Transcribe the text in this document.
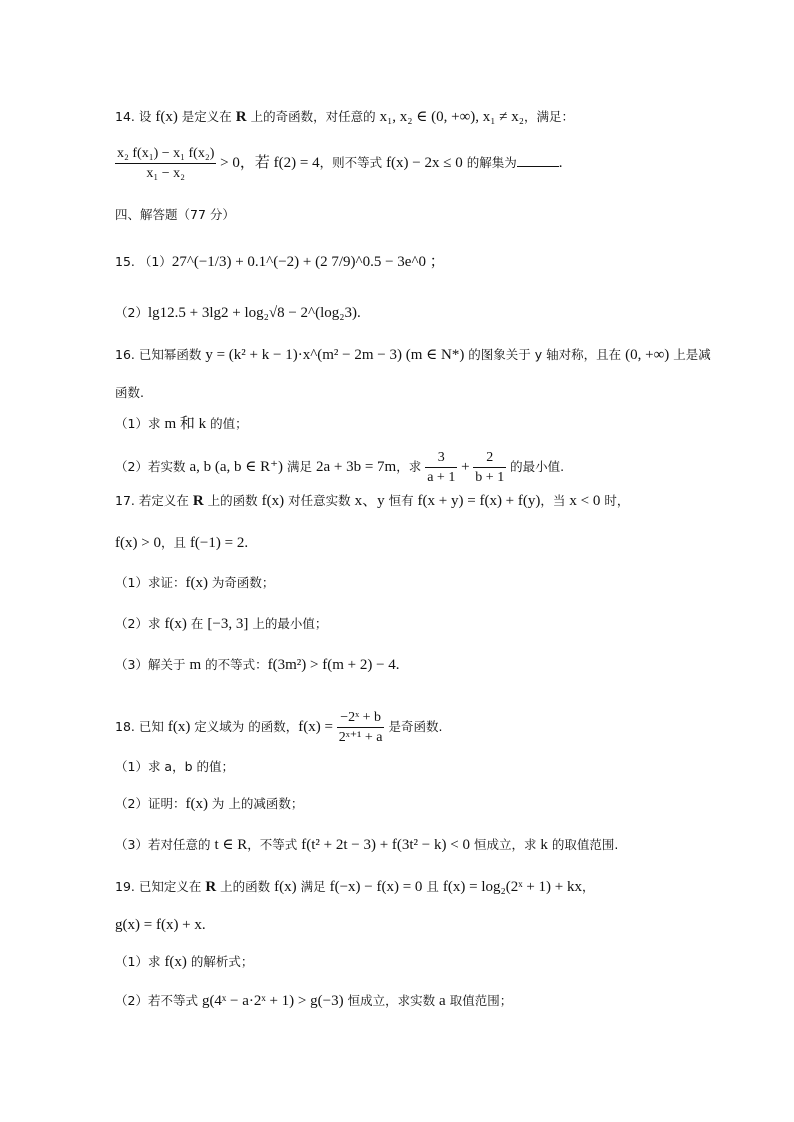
14. 设 f(x) 是定义在 R 上的奇函数，对任意的 x₁, x₂ ∈ (0, +∞), x₁ ≠ x₂，满足：
$\frac{\text{x₂ f(x₁) − x₁ f(x₂)}}{\text{x₁ − x₂}} > 0$，若 f(2) = 4，则不等式 f(x) − 2x ≤ 0 的解集为	.
四、解答题（77 分）
15. （1）27^(−1/3) + 0.1^(−2) + (2 7/9)^0.5 − 3e^0 ；
（2）lg12.5 + 3lg2 + log₂√8 − 2^(log₂3).
16. 已知幂函数 y = (k² + k − 1)·x^(m² − 2m − 3) (m ∈ N*) 的图象关于 y 轴对称，且在 (0, +∞) 上是减
函数.
（1）求 m 和 k 的值；
（2）若实数 a, b (a, b ∈ R⁺) 满足 2a + 3b = 7m，求 $\frac{3}{a + 1} + \frac{2}{b + 1}$ 的最小值.
17. 若定义在 R 上的函数 f(x) 对任意实数 x、y 恒有 f(x + y) = f(x) + f(y)，当 x < 0 时，
f(x) > 0，且 f(−1) = 2.
（1）求证：f(x) 为奇函数；
（2）求 f(x) 在 [−3, 3] 上的最小值；
（3）解关于 m 的不等式：f(3m²) > f(m + 2) − 4.
18. 已知 f(x) 定义域为 的函数，$f(x) = \frac{\text{−2ˣ + b}}{\text{2ˣ⁺¹ + a}}$ 是奇函数.
（1）求 a，b 的值；
（2）证明：f(x) 为 上的减函数；
（3）若对任意的 t ∈ R，不等式 f(t² + 2t − 3) + f(3t² − k) < 0 恒成立，求 k 的取值范围.
19. 已知定义在 R 上的函数 f(x) 满足 f(−x) − f(x) = 0 且 f(x) = log₂(2ˣ + 1) + kx，
g(x) = f(x) + x.
（1）求 f(x) 的解析式；
（2）若不等式 g(4ˣ − a·2ˣ + 1) > g(−3) 恒成立，求实数 a 取值范围；
